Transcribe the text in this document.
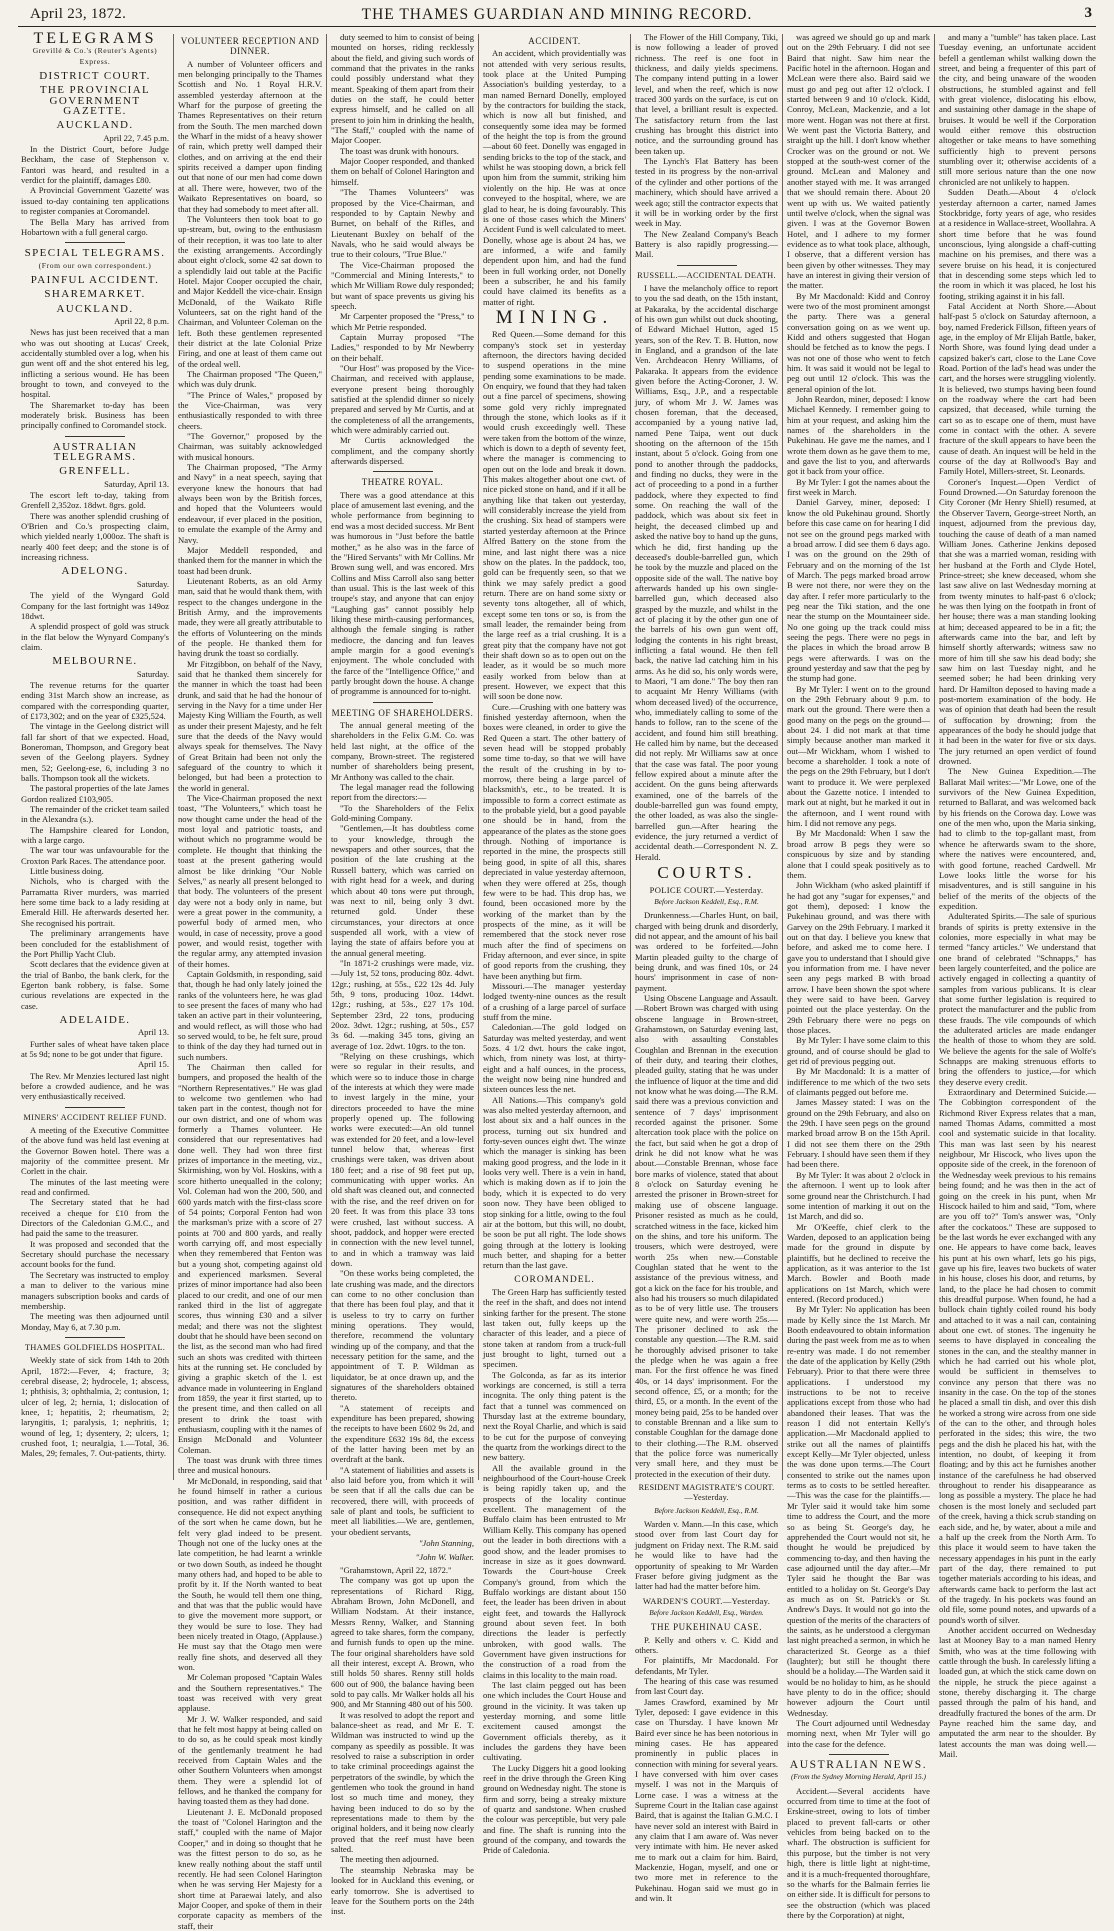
April 23, 1872.	THE THAMES GUARDIAN AND MINING RECORD.	3
TELEGRAMS
Grevillé & Co.'s (Reuter's Agents) Express.
DISTRICT COURT.
THE PROVINCIAL GOVERNMENT GAZETTE.
AUCKLAND.

April 22, 7.45 p.m.

In the District Court, before Judge Beckham, the case of Stephenson v. Fantori was heard, and resulted in a verdict for the plaintiff, damages £80.

A Provincial Government 'Gazette' was issued to-day containing ten applications to register companies at Coromandel.

The Bella Mary has arrived from Hobartown with a full general cargo.

SPECIAL TELEGRAMS.
(From our own correspondent.)
PAINFUL ACCIDENT.
SHAREMARKET.
AUCKLAND.

April 22, 8 p.m.

News has just been received that a man who was out shooting at Lucas' Creek, accidentally stumbled over a log, when his gun went off and the shot entered his leg, inflicting a serious wound. He has been brought to town, and conveyed to the hospital.

The Sharemarket to-day has been moderately brisk. Business has been principally confined to Coromandel stock.

AUSTRALIAN TELEGRAMS.
GRENFELL.

Saturday, April 13.

The escort left to-day, taking from Grenfell 2,352oz. 18dwt. 8grs. gold.

There was another splendid crushing of O'Brien and Co.'s prospecting claim, which yielded nearly 1,000oz. The shaft is nearly 400 feet deep; and the stone is of increasing richness.

ADELONG.

Saturday.

The yield of the Wyngard Gold Company for the last fortnight was 149oz 18dwt.

A splendid prospect of gold was struck in the flat below the Wynyard Company's claim.

MELBOURNE.

Saturday.

The revenue returns for the quarter ending 31st March show an increase, as compared with the corresponding quarter, of £173,302; and on the year of £325,524.

The vintage in the Geelong district will fall far short of that we expected. Hoad, Boneroman, Thompson, and Gregory beat seven of the Geelong players. Sydney men, 52; Geelong-ese, 6, including 3 no balls. Thompson took all the wickets.

The pastoral properties of the late James Gordon realized £103,905.

The remainder of the cricket team sailed in the Alexandra (s.).

The Hampshire cleared for London, with a large cargo.

The war tour was unfavourable for the Croxton Park Races. The attendance poor.

Little business doing.

Nichols, who is charged with the Parramatta River murders, was married here some time back to a lady residing at Emerald Hill. He afterwards deserted her. She recognised his portrait.

The preliminary arrangements have been concluded for the establishment of the Port Phillip Yacht Club.

Scott declares that the evidence given at the trial of Banbo, the bank clerk, for the Egerton bank robbery, is false. Some curious revelations are expected in the case.

ADELAIDE.

April 13.

Further sales of wheat have taken place at 5s 9d; none to be got under that figure.

April 15.

The Rev. Mr Menzies lectured last night before a crowded audience, and he was very enthusiastically received.

MINERS' ACCIDENT RELIEF FUND.

A meeting of the Executive Committee of the above fund was held last evening at the Governor Bowen hotel. There was a majority of the committee present. Mr Corlett in the chair.

The minutes of the last meeting were read and confirmed.

The Secretary stated that he had received a cheque for £10 from the Directors of the Caledonian G.M.C., and had paid the same to the treasurer.

It was proposed and seconded that the Secretary should purchase the necessary account books for the fund.

The Secretary was instructed to employ a man to deliver to the various mine managers subscription books and cards of membership.

The meeting was then adjourned until Monday, May 6, at 7.30 p.m.

THAMES GOLDFIELDS HOSPITAL.

Weekly state of sick from 14th to 20th April, 1872:—Fever, 4; fracture, 3; cerebral disease, 2; hydrocele, 1; abscess, 1; phthisis, 3; ophthalmia, 2; contusion, 1; ulcer of leg, 2; hernia, 1; dislocation of knee, 1; hepatitis, 2; rheumatism, 2; laryngitis, 1; paralysis, 1; nephritis, 1; wound of leg, 1; dysentery, 2; ulcers, 1; crushed foot, 1; neuralgia, 1.—Total, 36. Males, 29; females, 7. Out-patients, thirty.

VOLUNTEER RECEPTION AND DINNER.

A number of Volunteer officers and men belonging principally to the Thames Scottish and No. 1 Royal H.R.V. assembled yesterday afternoon at the Wharf for the purpose of greeting the Thames Representatives on their return from the South. The men marched down the Wharf in the midst of a heavy shower of rain, which pretty well damped their clothes, and on arriving at the end their spirits received a damper upon finding out that none of our men had come down at all. There were, however, two of the Waikato Representatives on board, so that they had somebody to meet after all.

The Volunteers then took boat to go up-stream, but, owing to the enthusiasm of their reception, it was too late to alter the existing arrangements. Accordingly about eight o'clock, some 42 sat down to a splendidly laid out table at the Pacific Hotel. Major Cooper occupied the chair, and Major Keddell the vice-chair. Ensign McDonald, of the Waikato Rifle Volunteers, sat on the right hand of the Chairman, and Volunteer Coleman on the left. Both these gentlemen represented their district at the late Colonial Prize Firing, and one at least of them came out of the ordeal well.

The Chairman proposed "The Queen," which was duly drunk.

"The Prince of Wales," proposed by the Vice-Chairman, was very enthusiastically responded to with three cheers.

"The Governor," proposed by the Chairman, was suitably acknowledged with musical honours.

The Chairman proposed, "The Army and Navy" in a neat speech, saying that everyone knew the honours that had always been won by the British forces, and hoped that the Volunteers would endeavour, if ever placed in the position, to emulate the example of the Army and Navy.

Major Meddell responded, and thanked them for the manner in which the toast had been drunk.

Lieutenant Roberts, as an old Army man, said that he would thank them, with respect to the changes undergone in the British Army, and the improvements made, they were all greatly attributable to the efforts of Volunteering on the minds of the people. He thanked them for having drunk the toast so cordially.

Mr Fitzgibbon, on behalf of the Navy, said that he thanked them sincerely for the manner in which the toast had been drunk, and said that he had the honour of serving in the Navy for a time under Her Majesty King William the Fourth, as well as under their present Majesty, and he felt sure that the deeds of the Navy would always speak for themselves. The Navy of Great Britain had been not only the safeguard of the country to which it belonged, but had been a protection to the world in general.

The Vice-Chairman proposed the next toast, "The Volunteers," which toast he now thought came under the head of the most loyal and patriotic toasts, and without which no programme would be complete. He thought that thinking the toast at the present gathering would almost be like drinking "Our Noble Selves," as nearly all present belonged to that body. The volunteers of the present day were not a body only in name, but were a great power in the community, a powerful body of armed men, who would, in case of necessity, prove a good power, and would resist, together with the regular army, any attempted invasion of their homes.

Captain Goldsmith, in responding, said that, though he had only lately joined the ranks of the volunteers here, he was glad to see present the faces of many who had taken an active part in their volunteering, and would reflect, as will those who had so served would, to be, he felt sure, proud to think of the day they had turned out in such numbers.

The Chairman then called for bumpers, and proposed the health of the "Northern Representatives." He was glad to welcome two gentlemen who had taken part in the contest, though not for our own district, and one of whom was formerly a Thames volunteer. He considered that our representatives had done well. They had won three first prizes of importance in the meeting, viz., Skirmishing, won by Vol. Hoskins, with a score hitherto unequalled in the colony; Vol. Coleman had won the 200, 500, and 600 yards match with the first-class score of 54 points; Corporal Fenton had won the marksman's prize with a score of 27 points at 700 and 800 yards, and really worth carrying off, and most especially when they remembered that Fenton was but a young shot, competing against old and experienced marksmen. Several prizes of minor importance had also been placed to our credit, and one of our men ranked third in the list of aggregate scores, thus winning £30 and a silver medal; and there was not the slightest doubt that he should have been second on the list, as the second man who had fired such an shots was credited with thirteen hits at the running set. He concluded by giving a graphic sketch of the l. est advance made in volunteering in England from 1859, the year it first started, up to the present time, and then called on all present to drink the toast with enthusiasm, coupling with it the names of Ensign McDonald and Volunteer Coleman.

The toast was drunk with three times three and musical honours.

Mr McDonald, in responding, said that he found himself in rather a curious position, and was rather diffident in consequence. He did not expect anything of the sort when he came down, but he felt very glad indeed to be present. Though not one of the lucky ones at the late competition, he had learnt a wrinkle or two down South, as indeed he thought many others had, and hoped to be able to profit by it. If the North wanted to beat the South, he would tell them one thing, and that was that the public would have to give the movement more support, or they would be sure to lose. They had been nicely treated in Otago, (Applause.) He must say that the Otago men were really fine shots, and deserved all they won.

Mr Coleman proposed "Captain Wales and the Southern representatives." The toast was received with very great applause.

Mr J. W. Walker responded, and said that he felt most happy at being called on to do so, as he could speak most kindly of the gentlemanly treatment he had received from Captain Wales and the other Southern Volunteers when amongst them. They were a splendid lot of fellows, and he thanked the company for having toasted them as they had done.

Lieutenant J. E. McDonald proposed the toast of "Colonel Harington and the staff," coupled with the name of Major Cooper," and in doing so thought that he was the fittest person to do so, as he knew really nothing about the staff until recently. He had seen Colonel Harington when he was serving Her Majesty for a short time at Paraewai lately, and also Major Cooper, and spoke of them in their corporate capacity as members of the staff, their

duty seemed to him to consist of being mounted on horses, riding recklessly about the field, and giving such words of command that the privates in the ranks could possibly understand what they meant. Speaking of them apart from their duties on the staff, he could better express himself, and he called on all present to join him in drinking the health, "The Staff," coupled with the name of Major Cooper.

The toast was drunk with honours.

Major Cooper responded, and thanked them on behalf of Colonel Harington and himself.

"The Thames Volunteers" was proposed by the Vice-Chairman, and responded to by Captain Newby and Burnet, on behalf of the Rifles, and Lieutenant Buxley on behalf of the Navals, who he said would always be true to their colours, "True Blue."

The Vice-Chairman proposed the "Commercial and Mining Interests," to which Mr William Rowe duly responded; but want of space prevents us giving his speech.

Mr Carpenter proposed the "Press," to which Mr Petrie responded.

Captain Murray proposed "The Ladies," responded to by Mr Newberry on their behalf.

"Our Host" was proposed by the Vice-Chairman, and received with applause, everyone present being thoroughly satisfied at the splendid dinner so nicely prepared and served by Mr Curtis, and at the completeness of all the arrangements, which were admirably carried out.

Mr Curtis acknowledged the compliment, and the company shortly afterwards dispersed.

THEATRE ROYAL.

There was a good attendance at this place of amusement last evening, and the whole performance from beginning to end was a most decided success. Mr Bent was humorous in "Just before the battle mother," as he also was in the farce of the "Hired Servants" with Mr Collins. Mr Brown sung well, and was encored. Mrs Collins and Miss Carroll also sang better than usual. This is the last week of this troupe's stay, and anyone that can enjoy "Laughing gas" cannot possibly help liking these mirth-causing performances, although the female singing is rather mediocre, the dancing and fun leaves ample margin for a good evening's enjoyment. The whole concluded with the farce of the "Intelligence Office," and partly brought down the house. A change of programme is announced for to-night.

MEETING OF SHAREHOLDERS.

The annual general meeting of the shareholders in the Felix G.M. Co. was held last night, at the office of the company, Brown-street. The registered number of shareholders being present, Mr Anthony was called to the chair.

The legal manager read the following report from the directors:—

"To the Shareholders of the Felix Gold-mining Company.

"Gentlemen,—It has doubtless come to your knowledge, through the newspapers and other sources, that the position of the late crushing at the Russell battery, which was carried on with right head for a week, and during which about 40 tons were put through, was next to nil, being only 3 dwt. returned gold. Under these circumstances, your directors at once suspended all work, with a view of laying the state of affairs before you at the annual general meeting.

"In 1871-2 crushings were made, viz.—July 1st, 52 tons, producing 80z. 4dwt. 12gr.; rushing, at 55s., £22 12s 4d. July 5th, 9 tons, producing 10oz. 14dwt. 12gr.; rushing, at 53s., £27 17s 10d. September 23rd, 22 tons, producing 20oz. 3dwt. 12gr.; rushing, at 50s., £57 3s 6d. —making 345 tons, giving an average of 1oz. 2dwt. 10grs. to the ton.

"Relying on these crushings, which were so regular in their results, and which were so to induce those in charge of the interests at which they were made to invest largely in the mine, your directors proceeded to have the mine properly opened up. The following works were executed:—An old tunnel was extended for 20 feet, and a low-level tunnel below that, whereas first crushings were taken, was driven about 180 feet; and a rise of 98 feet put up, communicating with upper works. An old shaft was cleaned out, and connected with the rise, and the reef driven on for 20 feet. It was from this place 33 tons were crushed, last without success. A shoot, paddock, and hopper were erected in connection with the new level tunnel, to and in which a tramway was laid down.

"On these works being completed, the late crushing was made, and the directors can come to no other conclusion than that there has been foul play, and that it is useless to try to carry on further mining operations. They would, therefore, recommend the voluntary winding up of the company, and that the necessary petition for the same, and the appointment of T. P. Wildman as liquidator, be at once drawn up, and the signatures of the shareholders obtained thereto.

"A statement of receipts and expenditure has been prepared, showing the receipts to have been £602 9s 2d, and the expenditure £632 19s 8d, the excess of the latter having been met by an overdraft at the bank.

"A statement of liabilities and assets is also laid before you, from which it will be seen that if all the calls due can be recovered, there will, with proceeds of sale of plant and tools, be sufficient to meet all liabilities.—We are, gentlemen, your obedient servants,

"John Stanning,

"John W. Walker.

"Grahamstown, April 22, 1872."

The company was got up upon the representations of Richard Rigg, Abraham Brown, John McDonell, and William Nodstam. At their instance, Messrs Renny, Walker, and Stanning agreed to take shares, form the company, and furnish funds to open up the mine. The four original shareholders have sold all their interest, except A. Brown, who still holds 50 shares. Renny still holds 600 out of 900, the balance having been sold to pay calls. Mr Walker holds all his 900, and Mr Stanning 480 out of his 500.

It was resolved to adopt the report and balance-sheet as read, and Mr E. T. Wildman was instructed to wind up the company as speedily as possible. It was resolved to raise a subscription in order to take criminal proceedings against the perpetrators of the swindle, by which the gentlemen who took the ground in hand lost so much time and money, they having been induced to do so by the representations made to them by the original holders, and it being now clearly proved that the reef must have been salted.

The meeting then adjourned.

The steamship Nebraska may be looked for in Auckland this evening, or early tomorrow. She is advertised to leave for the Southern ports on the 24th inst.

ACCIDENT.

An accident, which providentially was not attended with very serious results, took place at the United Pumping Association's building yesterday, to a man named Bernard Donelly, employed by the contractors for building the stack, which is now all but finished, and consequently some idea may be formed of the height the top is from the ground—about 60 feet. Donelly was engaged in sending bricks to the top of the stack, and whilst he was stooping down, a brick fell upon him from the summit, striking him violently on the hip. He was at once conveyed to the hospital, where, we are glad to hear, he is doing favourably. This is one of those cases which the Miners' Accident Fund is well calculated to meet. Donelly, whose age is about 24 has, we are informed, a wife and family dependent upon him, and had the fund been in full working order, not Donelly been a subscriber, he and his family could have claimed its benefits as a matter of right.

MINING.

Red Queen.—Some demand for this company's stock set in yesterday afternoon, the directors having decided to suspend operations in the mine pending some examinations to be made. On enquiry, we found that they had taken out a fine parcel of specimens, showing some gold very richly impregnated through the stone, which looks as if it would crush exceedingly well. These were taken from the bottom of the winze, which is down to a depth of seventy feet, where the manager is commencing to open out on the lode and break it down. This makes altogether about one cwt. of nice picked stone on hand, and if it all be anything like that taken out yesterday, will considerably increase the yield from the crushing. Six head of stampers were started yesterday afternoon at the Prince Alfred Battery on the stone from the mine, and last night there was a nice show on the plates. In the paddock, too, gold can be frequently seen, so that we think we may safely predict a good return. There are on hand some sixty or seventy tons altogether, all of which, except some ten tons or so, is from the small leader, the remainder being from the large reef as a trial crushing. It is a great pity that the company have not got their shaft down so as to open out on the leader, as it would be so much more easily worked from below than at present. However, we expect that this will soon be done now.

Cure.—Crushing with one battery was finished yesterday afternoon, when the boxes were cleaned, in order to give the Red Queen a start. The other battery of seven head will be stopped probably some time to-day, so that we will have the result of the crushing in by to-morrow, there being a large parcel of blacksmith's, etc., to be treated. It is impossible to form a correct estimate as to the probable yield, but a good payable one should be in hand, from the appearance of the plates as the stone goes through. Nothing of importance is reported in the mine, the prospects still being good, in spite of all this, shares depreciated in value yesterday afternoon, when they were offered at 25s, though few were to be had. This drop has, we found, been occasioned more by the working of the market than by the prospects of the mine, as it will be remembered that the stock never rose much after the find of specimens on Friday afternoon, and ever since, in spite of good reports from the crushing, they have been anything but firm.

Missouri.—The manager yesterday lodged twenty-nine ounces as the result of a crushing of a large parcel of surface stuff from the mine.

Caledonian.—The gold lodged on Saturday was melted yesterday, and went 5ozs. 4 1/2 dwt. hours the cake ingot, which, from ninety was lost, at thirty-eight and a half ounces, in the process, the weight now being nine hundred and sixteen ounces less the net.

All Nations.—This company's gold was also melted yesterday afternoon, and lost about six and a half ounces in the process, turning out six hundred and forty-seven ounces eight dwt. The winze which the manager is sinking has been making good progress, and the lode in it looks very well. There is a vein in hand, which is making down as if to join the body, which it is expected to do very soon now. They have been obliged to stop sinking for a little, owing to the foul air at the bottom, but this will, no doubt, be soon be put all right. The lode shows going through at the lottery is looking much better, and shaping for a better return than the last gave.

COROMANDEL.

The Green Harp has sufficiently tested the reef in the shaft, and does not intend sinking farther for the present. The stone last taken out, fully keeps up the character of this leader, and a piece of stone taken at random from a truck-full just brought to light, turned out a specimen.

The Golconda, as far as its interior workings are concerned, is still a terra incognita. The only thing patent is the fact that a tunnel was commenced on Thursday last at the extreme boundary, next the Royal Charlie, and which is said to be cut for the purpose of conveying the quartz from the workings direct to the new battery.

All the available ground in the neighbourhood of the Court-house Creek is being rapidly taken up, and the prospects of the locality continue excellent. The management of the Buffalo claim has been entrusted to Mr William Kelly. This company has opened out the leader in both directions with a good show, and the leader promises to increase in size as it goes downward. Towards the Court-house Creek Company's ground, from which the Buffalo workings are distant about 150 feet, the leader has been driven in about eight feet, and towards the Hallyrock ground about seven feet. In both directions the leader is perfectly unbroken, with good walls. The Government have given instructions for the construction of a road from the claims in this locality to the main road.

The last claim pegged out has been one which includes the Court House and ground in the vicinity. It was taken up yesterday morning, and some little excitement caused amongst the Government officials thereby, as it includes the gardens they have been cultivating.

The Lucky Diggers hit a good looking reef in the drive through the Green King ground on Wednesday night. The stone is firm and sorry, being a streaky mixture of quartz and sandstone. When crushed the colour was perceptible, but very pale and fine. The shaft is running into the ground of the company, and towards the Pride of Caledonia.

The Flower of the Hill Company, Tiki, is now following a leader of proved richness. The reef is one foot in thickness, and daily yields specimens. The company intend putting in a lower level, and when the reef, which is now traced 300 yards on the surface, is cut on that level, a brilliant result is expected. The satisfactory return from the last crushing has brought this district into notice, and the surrounding ground has been taken up.

The Lynch's Flat Battery has been tested in its progress by the non-arrival of the cylinder and other portions of the machinery, which should have arrived a week ago; still the contractor expects that it will be in working order by the first week in May.

The New Zealand Company's Beach Battery is also rapidly progressing.—Mail.

RUSSELL.—ACCIDENTAL DEATH.

I have the melancholy office to report to you the sad death, on the 15th instant, at Pakaraka, by the accidental discharge of his own gun whilst out duck shooting, of Edward Michael Hutton, aged 15 years, son of the Rev. T. B. Hutton, now in England, and a grandson of the late Ven. Archdeacon Henry Williams, of Pakaraka. It appears from the evidence given before the Acting-Coroner, J. W. Williams, Esq., J.P., and a respectable jury, of whom Mr J. W. James was chosen foreman, that the deceased, accompanied by a young native lad, named Pene Taipa, went out duck shooting on the afternoon of the 15th instant, about 5 o'clock. Going from one pond to another through the paddocks, and finding no ducks, they were in the act of proceeding to a pond in a further paddock, where they expected to find some. On reaching the wall of the paddock, which was about six feet in height, the deceased climbed up and asked the native boy to hand up the guns, which he did, first handing up the deceased's double-barrelled gun, which he took by the muzzle and placed on the opposite side of the wall. The native boy afterwards handed up his own single-barrelled gun, which deceased also grasped by the muzzle, and whilst in the act of placing it by the other gun one of the barrels of his own gun went off, lodging the contents in his right breast, inflicting a fatal wound. He then fell back, the native lad catching him in his arms. As he did so, his only words were, to Maori, "I am done." The boy then ran to acquaint Mr Henry Williams (with whom deceased lived) of the occurrence, who, immediately calling to some of the hands to follow, ran to the scene of the accident, and found him still breathing. He called him by name, but the deceased did not reply. Mr Williams saw at once that the case was fatal. The poor young fellow expired about a minute after the accident. On the guns being afterwards examined, one of the barrels of the double-barrelled gun was found empty, the other loaded, as was also the single-barrelled gun.—After hearing the evidence, the jury returned a verdict of accidental death.—Correspondent N. Z. Herald.

COURTS.
POLICE COURT.—Yesterday.
Before Jackson Keddell, Esq., R.M.

Drunkenness.—Charles Hunt, on bail, charged with being drunk and disorderly, did not appear, and the amount of his bail was ordered to be forfeited.—John Martin pleaded guilty to the charge of being drunk, and was fined 10s, or 24 hours' imprisonment in case of non-payment.

Using Obscene Language and Assault.—Robert Brown was charged with using obscene language in Brown-street, Grahamstown, on Saturday evening last, also with assaulting Constables Coughlan and Brennan in the execution of their duty, and tearing their clothes, pleaded guilty, stating that he was under the influence of liquor at the time and did not know what he was doing.—The R.M. said there was a previous conviction and sentence of 7 days' imprisonment recorded against the prisoner. Some altercation took place with the police on the fact, but said when he got a drop of drink he did not know what he was about.—Constable Brennan, whose face bore marks of violence, stated that about 8 o'clock on Saturday evening he arrested the prisoner in Brown-street for making use of obscene language. Prisoner resisted as much as he could, scratched witness in the face, kicked him on the shins, and tore his uniform. The trousers, which were destroyed, were worth 25s when new.—Constable Coughlan stated that he went to the assistance of the previous witness, and got a kick on the face for his trouble, and also had his trousers so much dilapidated as to be of very little use. The trousers were quite new, and were worth 25s.—The prisoner declined to ask the constable any question.—The R.M. said he thoroughly advised prisoner to take the pledge when he was again a free man. For the first offence he was fined 40s, or 14 days' imprisonment. For the second offence, £5, or a month; for the third, £5, or a month. In the event of the money being paid, 25s to be handed over to constable Brennan and a like sum to constable Coughlan for the damage done to their clothing.—The R.M. observed that the police force was numerically very small here, and they must be protected in the execution of their duty.

RESIDENT MAGISTRATE'S COURT.—Yesterday.
Before Jackson Keddell, Esq., R.M.

Warden v. Mann.—In this case, which stood over from last Court day for judgment on Friday next. The R.M. said he would like to have had the opportunity of speaking to Mr Warden Fraser before giving judgment as the latter had had the matter before him.

WARDEN'S COURT.—Yesterday.
Before Jackson Keddell, Esq., Warden.
THE PUKEHINAU CASE.

P. Kelly and others v. C. Kidd and others.

For plaintiffs, Mr Macdonald. For defendants, Mr Tyler.

The hearing of this case was resumed from last Court day.

James Crawford, examined by Mr Tyler, deposed: I gave evidence in this case on Thursday. I have known Mr Baird ever since he has been notorious in mining cases. He has appeared prominently in public places in connection with mining for several years. I have conversed with him over cases myself. I was not in the Marquis of Lorne case. I was a witness at the Supreme Court in the Italian case against Baird, that is against the Italian G.M.C. I have never sold an interest with Baird in any claim that I am aware of. Was never very intimate with him. He never asked me to mark out a claim for him. Baird, Mackenzie, Hogan, myself, and one or two more met in reference to the Pukehinau. Hogan said we must go in and win. It

was agreed we should go up and mark out on the 29th February. I did not see Baird that night. Saw him near the Pacific hotel in the afternoon. Hogan and McLean were there also. Baird said we must go and peg out after 12 o'clock. I started between 9 and 10 o'clock. Kidd, Conroy, McLean, Mackenzie, and a lot more went. Hogan was not there at first. We went past the Victoria Battery, and straight up the hill. I don't know whether Crocker was on the ground or not. We stopped at the south-west corner of the ground. McLean and Maloney and another stayed with me. It was arranged that we should remain there. About 20 went up with us. We waited patiently until twelve o'clock, when the signal was given. I was at the Governor Bowen Hotel, and I adhere to my former evidence as to what took place, although, I observe, that a different version has been given by other witnesses. They may have an interest in giving their version of the matter.

By Mr Macdonald: Kidd and Conroy were two of the most prominent amongst the party. There was a general conversation going on as we went up. Kidd and others suggested that Hogan should be fetched as to know the pegs. I was not one of those who went to fetch him. It was said it would not be legal to peg out until 12 o'clock. This was the general opinion of the lot.

John Reardon, miner, deposed: I know Michael Kennedy. I remember going to him at your request, and asking him the names of the shareholders in the Pukehinau. He gave me the names, and I wrote them down as he gave them to me, and gave the list to you, and afterwards got it back from your office.

By Mr Tyler: I got the names about the first week in March.

Daniel Garvey, miner, deposed: I know the old Pukehinau ground. Shortly before this case came on for hearing I did not see on the ground pegs marked with a broad arrow. I did see them 6 days ago. I was on the ground on the 29th of February and on the morning of the 1st of March. The pegs marked broad arrow B were not there, nor were they on the day after. I refer more particularly to the peg near the Tiki station, and the one near the stump on the Mountaineer side. No one going up the track could miss seeing the pegs. There were no pegs in the places in which the broad arrow B pegs were afterwards. I was on the ground yesterday and saw that the peg by the stump had gone.

By Mr Tyler: I went on to the ground on the 29th February about 9 p.m. to mark out the ground. There were then a good many on the pegs on the ground—about 24. I did not mark at that time simply because another man marked it out—Mr Wickham, whom I wished to become a shareholder. I took a note of the pegs on the 29th February, but I don't want to produce it. We were perplexed about the Gazette notice. I intended to mark out at night, but he marked it out in the afternoon, and I went round with him. I did not remove any pegs.

By Mr Macdonald: When I saw the broad arrow B pegs they were so conspicuous by size and by standing alone that I could speak positively as to them.

John Wickham (who asked plaintiff if he had got any "sugar for expenses," and got them), deposed: I know the Pukehinau ground, and was there with Garvey on the 29th February. I marked it out on that day. I believe you knew that before, and asked me to come here. I gave you to understand that I should give you information from me. I have never seen any pegs marked B with broad arrow. I have been shown the spot where they were said to have been. Garvey pointed out the place yesterday. On the 29th February there were no pegs on those places.

By Mr Tyler: I have some claim to this ground, and of course should be glad to get rid of previous pegging out.

By Mr Macdonald: It is a matter of indifference to me which of the two sets of claimants pegged out before me.

James Massey stated: I was on the ground on the 29th February, and also on the 29th. I have seen pegs on the ground marked broad arrow B on the 15th April. I did not see them there on the 29th February. I should have seen them if they had been there.

By Mr Tyler: It was about 2 o'clock in the afternoon. I went up to look after some ground near the Christchurch. I had some intention of marking it out on the 1st March, and did so.

Mr O'Keeffe, chief clerk to the Warden, deposed to an application being made for the ground in dispute by plaintiffs, but he declined to receive the application, as it was anterior to the 1st March. Bowler and Booth made applications on 1st March, which were entered. (Record produced.)

By Mr Tyler: No application has been made by Kelly since the 1st March. Mr Booth endeavoured to obtain information during the past week from me as to when re-entry was made. I do not remember the date of the application by Kelly (29th February). Prior to that there were three applications. I understood my instructions to be not to receive applications except from those who had abandoned their leases. That was the reason I did not entertain Kelly's application.—Mr Macdonald applied to strike out all the names of plaintiffs except Kelly—Mr Tyler objected, unless the was done upon terms.—The Court consented to strike out the names upon terms as to costs to be settled hereafter.—This was the case for the plaintiffs.—Mr Tyler said it would take him some time to address the Court, and the more so as being St. George's day, he apprehended the Court would not sit, he thought he would be prejudiced by commencing to-day, and then having the case adjourned until the day after.—Mr Tyler said he thought the Bar was entitled to a holiday on St. George's Day as much as on St. Patrick's or St. Andrew's Days. It would not go into the question of the merits of the characters of the saints, as he understood a clergyman last night preached a sermon, in which he characterized St. George as a thief (laughter); but still he thought there should be a holiday.—The Warden said it would be no holiday to him, as he should have plenty to do in the office; should however adjourn the Court until Wednesday.

The Court adjourned until Wednesday morning next, when Mr Tyler will go into the case for the defence.

AUSTRALIAN NEWS.
(From the Sydney Morning Herald, April 15.)

Accident.—Several accidents have occurred from time to time at the foot of Erskine-street, owing to lots of timber placed to prevent fall-carts or other vehicles from being backed on to the wharf. The obstruction is sufficient for this purpose, but the timber is not very high, there is little light at night-time, and it is a much-frequented thoroughfare, so the wharfs for the Balmain ferries lie on either side. It is difficult for persons to see the obstruction (which was placed there by the Corporation) at night,

and many a "tumble" has taken place. Last Tuesday evening, an unfortunate accident befell a gentleman whilst walking down the street, and being a frequenter of this part of the city, and being unaware of the wooden obstructions, he stumbled against and fell with great violence, dislocating his elbow, and sustaining other damage in the shape of bruises. It would be well if the Corporation would either remove this obstruction altogether or take means to have something sufficiently high to prevent persons stumbling over it; otherwise accidents of a still more serious nature than the one now chronicled are not unlikely to happen.

Sudden Death.—About 4 o'clock yesterday afternoon a carter, named James Stockbridge, forty years of age, who resides at a residence in Wallace-street, Woollahra. A short time before that he was found unconscious, lying alongside a chaff-cutting machine on his premises, and there was a severe bruise on his head, it is conjectured that in descending some steps which led to the room in which it was placed, he lost his footing, striking against it in his fall.

Fatal Accident at North Shore.—About half-past 5 o'clock on Saturday afternoon, a boy, named Frederick Fillson, fifteen years of age, in the employ of Mr Elijah Battle, baker, North Shore, was found lying dead under a capsized baker's cart, close to the Lane Cove Road. Portion of the lad's head was under the cart, and the horses were struggling violently. It is believed, two stumps having been found on the roadway where the cart had been capsized, that deceased, while turning the cart so as to escape one of them, must have come in contact with the other. A severe fracture of the skull appears to have been the cause of death. An inquest will be held in the course of the day at Rollwood's Bay and Family Hotel, Millers-street, St. Leonards.

Coroner's Inquest.—Open Verdict of Found Drowned.—On Saturday forenoon the City Coroner (Mr Henry Shiell) resumed, at the Observer Tavern, George-street North, an inquest, adjourned from the previous day, touching the cause of death of a man named William Jones. Catherine Jenkins deposed that she was a married woman, residing with her husband at the Forth and Clyde Hotel, Prince-street; she knew deceased, whom she last saw alive on last Wednesday morning at from twenty minutes to half-past 6 o'clock; he was then lying on the footpath in front of her house; there was a man standing looking at him; deceased appeared to be in a fit; the afterwards came into the bar, and left by himself shortly afterwards; witness saw no more of him till she saw his dead body; she saw him on last Tuesday night, and he seemed sober; he had been drinking very hard. Dr Hamilton deposed to having made a post-mortem examination of the body. He was of opinion that death had been the result of suffocation by drowning; from the appearances of the body he should judge that it had been in the water for five or six days. The jury returned an open verdict of found drowned.

The New Guinea Expedition.—The Ballarat Mail writes:—"Mr Lowe, one of the survivors of the New Guinea Expedition, returned to Ballarat, and was welcomed back by his friends on the Corowa day. Lowe was one of the men who, upon the Maria sinking, had to climb to the top-gallant mast, from whence he afterwards swam to the shore, where the natives were encountered, and, with good fortune, reached Cardwell. Mr Lowe looks little the worse for his misadventures, and is still sanguine in his belief of the merits of the objects of the expedition.

Adulterated Spirits.—The sale of spurious brands of spirits is pretty extensive in the colonies, more especially in what may be termed "fancy articles." We understand that one brand of celebrated "Schnapps," has been largely counterfeited, and the police are actively engaged in collecting a quantity of samples from various publicans. It is clear that some further legislation is required to protect the manufacturer and the public from these frauds. The vile compounds of which the adulterated articles are made endanger the health of those to whom they are sold. We believe the agents for the sale of Wolfe's Schnapps are making strenuous efforts to bring the offenders to justice,—for which they deserve every credit.

Extraordinary and Determined Suicide.—The Cobbington correspondent of the Richmond River Express relates that a man, named Thomas Adams, committed a most cool and systematic suicide in that locality. This man was last seen by his nearest neighbour, Mr Hiscock, who lives upon the opposite side of the creek, in the forenoon of the Wednesday week previous to his remains being found; and he was then in the act of going on the creek in his punt, when Mr Hiscock hailed to him and said, "Tom, where are you off to?" Tom's answer was, "Only after the cockatoos." These are supposed to be the last words he ever exchanged with any one. He appears to have come back, leaves his punt at his own wharf, lets go his pigs, gave up his fire, leaves two buckets of water in his house, closes his door, and returns, by land, to the place he had chosen to commit this dreadful purpose. When found, he had a bullock chain tightly coiled round his body and attached to it was a nail can, containing about one cwt. of stones. The ingenuity he seems to have displayed in concealing the stones in the can, and the stealthy manner in which he had carried out his whole plot, would be sufficient in themselves to convince any person that there was no insanity in the case. On the top of the stones he placed a small tin dish, and over this dish he worked a strong wire across from one side of the can to the other, and through holes perforated in the sides; this wire, the two pegs and the dish he placed his hat, with the intention, no doubt, of keeping it from floating; and by this act he furnishes another instance of the carefulness he had observed throughout to render his disappearance as long as possible a mystery. The place he had chosen is the most lonely and secluded part of the creek, having a thick scrub standing on each side, and he, by water, about a mile and a half up the creek from the North Arm. To this place it would seem to have taken the necessary appendages in his punt in the early part of the day, there remained to put together materials according to his ideas, and afterwards came back to perform the last act of the tragedy. In his pockets was found an old file, some pound notes, and upwards of a pound's worth of silver.

Another accident occurred on Wednesday last at Mooney Bay to a man named Henry Smith, who was at the time following with cattle through the bush. In carelessly lifting a loaded gun, at which the stick came down on the nipple, he struck the piece against a stone, thereby discharging it. The charge passed through the palm of his hand, and dreadfully fractured the bones of the arm. Dr Payne reached him the same day, and amputated the arm near to the shoulder. By latest accounts the man was doing well.—Mail.
